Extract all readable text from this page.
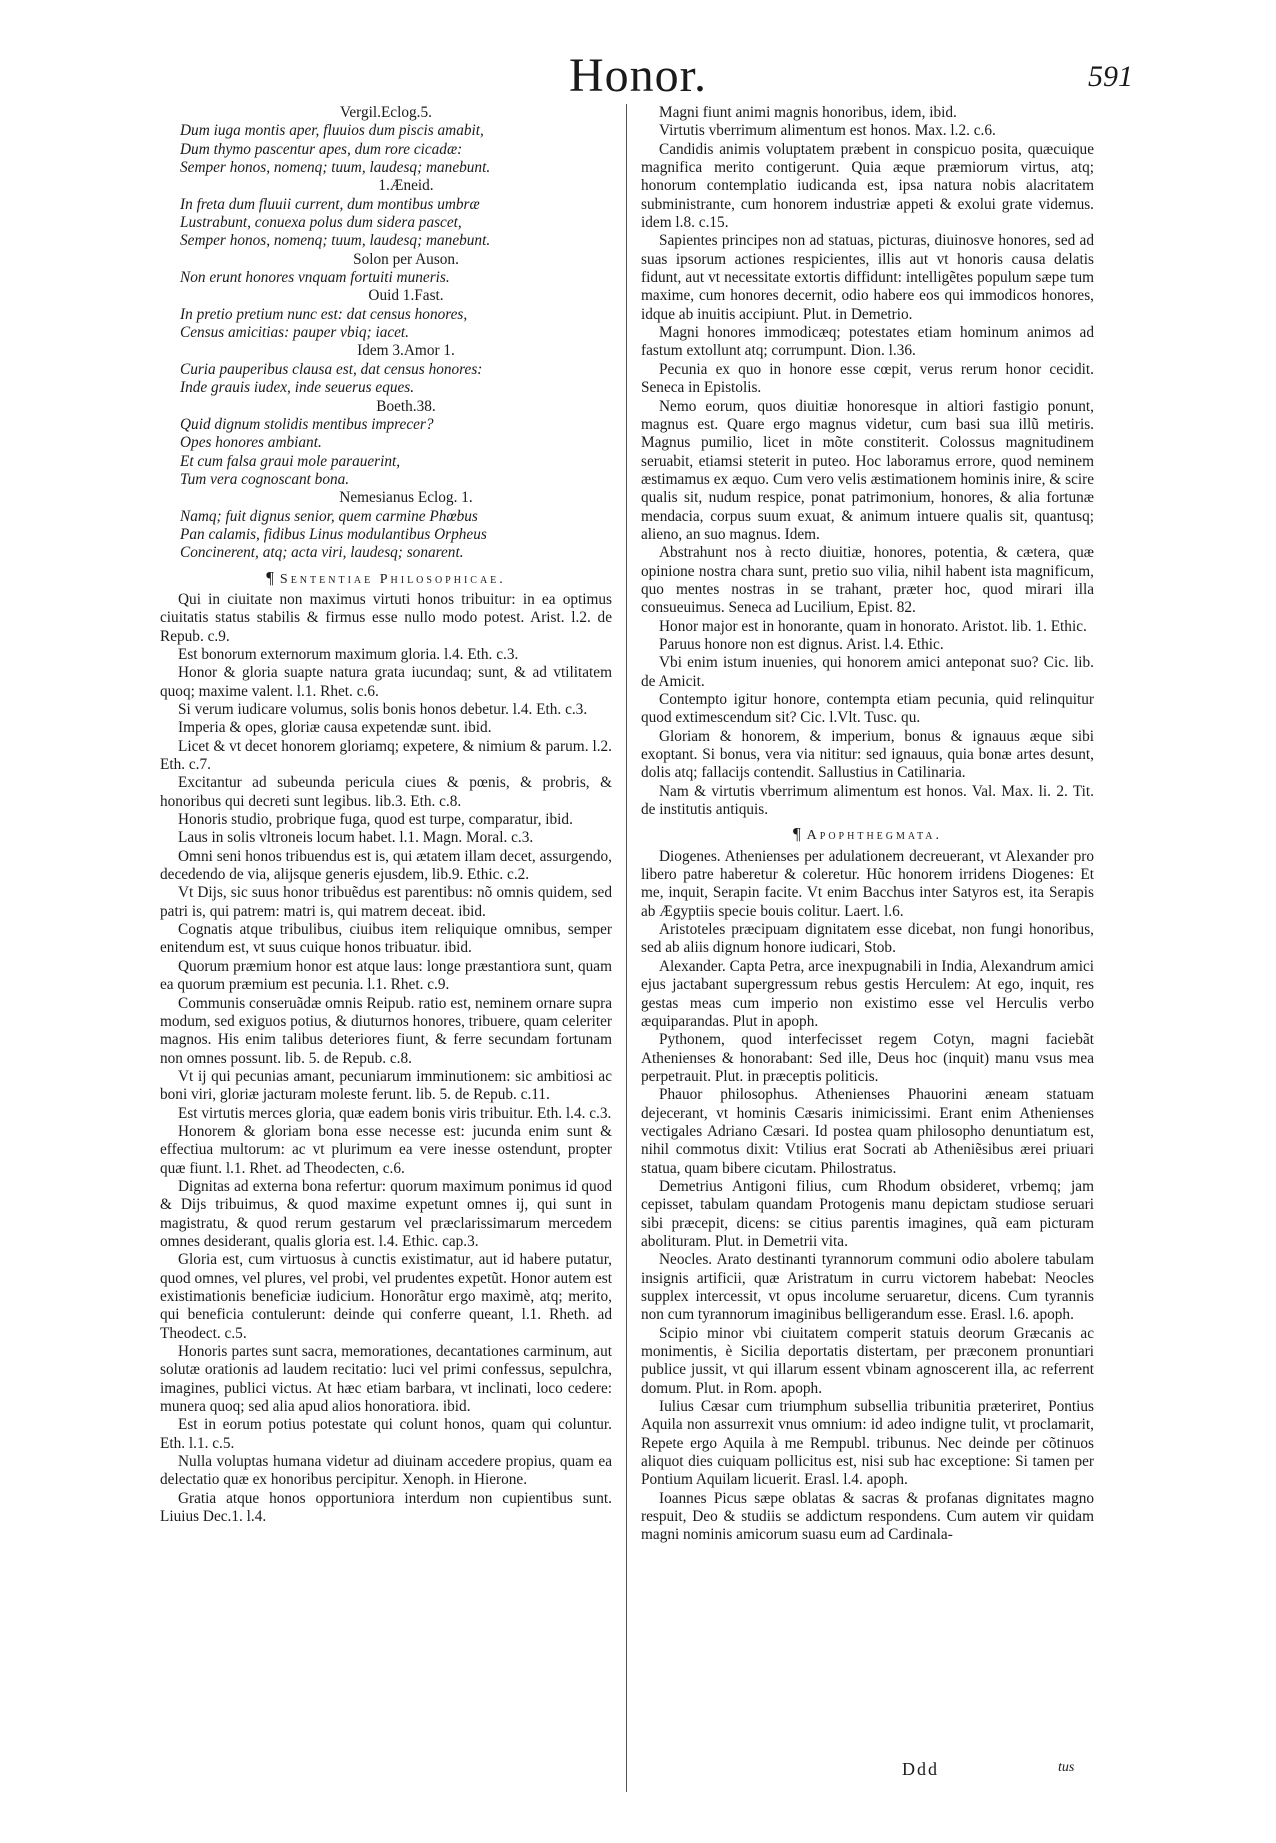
Honor.	591
Vergil.Eclog.5.
Dum iuga montis aper, fluuios dum piscis amabit,
Dum thymo pascentur apes, dum rore cicadæ:
Semper honos, nomenq; tuum, laudesq; manebunt.
1.Æneid.
In freta dum fluuii current, dum montibus umbræ
Lustrabunt, conuexa polus dum sidera pascet,
Semper honos, nomenq; tuum, laudesq; manebunt.
Solon per Auson.
Non erunt honores vnquam fortuiti muneris.
Ouid 1.Fast.
In pretio pretium nunc est: dat census honores,
Census amicitias: pauper vbiq; iacet.
Idem 3.Amor 1.
Curia pauperibus clausa est, dat census honores:
Inde grauis iudex, inde seuerus eques.
Boeth.38.
Quid dignum stolidis mentibus imprecer?
Opes honores ambiant.
Et cum falsa graui mole parauerint,
Tum vera cognoscant bona.
Nemesianus Eclog. 1.
Namq; fuit dignus senior, quem carmine Phœbus
Pan calamis, fidibus Linus modulantibus Orpheus
Concinerent, atq; acta viri, laudesq; sonarent.
¶ Sententiae Philosophicae.

Qui in ciuitate non maximus virtuti honos tribuitur: in ea optimus ciuitatis status stabilis & firmus esse nullo modo potest. Arist. l.2. de Repub. c.9.

Est bonorum externorum maximum gloria. l.4. Eth. c.3.

Honor & gloria suapte natura grata iucundaq; sunt, & ad vtilitatem quoq; maxime valent. l.1. Rhet. c.6.

Si verum iudicare volumus, solis bonis honos debetur. l.4. Eth. c.3.

Imperia & opes, gloriæ causa expetendæ sunt. ibid.

Licet & vt decet honorem gloriamq; expetere, & nimium & parum. l.2. Eth. c.7.

Excitantur ad subeunda pericula ciues & pœnis, & probris, & honoribus qui decreti sunt legibus. lib.3. Eth. c.8.

Honoris studio, probrique fuga, quod est turpe, comparatur, ibid.

Laus in solis vltroneis locum habet. l.1. Magn. Moral. c.3.

Omni seni honos tribuendus est is, qui ætatem illam decet, assurgendo, decedendo de via, alijsque generis ejusdem, lib.9. Ethic. c.2.

Vt Dijs, sic suus honor tribuẽdus est parentibus: nõ omnis quidem, sed patri is, qui patrem: matri is, qui matrem deceat. ibid.

Cognatis atque tribulibus, ciuibus item reliquique omnibus, semper enitendum est, vt suus cuique honos tribuatur. ibid.

Quorum præmium honor est atque laus: longe præstantiora sunt, quam ea quorum præmium est pecunia. l.1. Rhet. c.9.

Communis conseruãdæ omnis Reipub. ratio est, neminem ornare supra modum, sed exiguos potius, & diuturnos honores, tribuere, quam celeriter magnos. His enim talibus deteriores fiunt, & ferre secundam fortunam non omnes possunt. lib. 5. de Repub. c.8.

Vt ij qui pecunias amant, pecuniarum imminutionem: sic ambitiosi ac boni viri, gloriæ jacturam moleste ferunt. lib. 5. de Repub. c.11.

Est virtutis merces gloria, quæ eadem bonis viris tribuitur. Eth. l.4. c.3.

Honorem & gloriam bona esse necesse est: jucunda enim sunt & effectiua multorum: ac vt plurimum ea vere inesse ostendunt, propter quæ fiunt. l.1. Rhet. ad Theodecten, c.6.

Dignitas ad externa bona refertur: quorum maximum ponimus id quod & Dijs tribuimus, & quod maxime expetunt omnes ij, qui sunt in magistratu, & quod rerum gestarum vel præclarissimarum mercedem omnes desiderant, qualis gloria est. l.4. Ethic. cap.3.

Gloria est, cum virtuosus à cunctis existimatur, aut id habere putatur, quod omnes, vel plures, vel probi, vel prudentes expetũt. Honor autem est existimationis beneficiæ iudicium. Honorãtur ergo maximè, atq; merito, qui beneficia contulerunt: deinde qui conferre queant, l.1. Rheth. ad Theodect. c.5.

Honoris partes sunt sacra, memorationes, decantationes carminum, aut solutæ orationis ad laudem recitatio: luci vel primi confessus, sepulchra, imagines, publici victus. At hæc etiam barbara, vt inclinati, loco cedere: munera quoq; sed alia apud alios honoratiora. ibid.

Est in eorum potius potestate qui colunt honos, quam qui coluntur. Eth. l.1. c.5.

Nulla voluptas humana videtur ad diuinam accedere propius, quam ea delectatio quæ ex honoribus percipitur. Xenoph. in Hierone.

Gratia atque honos opportuniora interdum non cupientibus sunt. Liuius Dec.1. l.4.

Magni fiunt animi magnis honoribus, idem, ibid.

Virtutis vberrimum alimentum est honos. Max. l.2. c.6.

Candidis animis voluptatem præbent in conspicuo posita, quæcuique magnifica merito contigerunt. Quia æque præmiorum virtus, atq; honorum contemplatio iudicanda est, ipsa natura nobis alacritatem subministrante, cum honorem industriæ appeti & exolui grate videmus. idem l.8. c.15.

Sapientes principes non ad statuas, picturas, diuinosve honores, sed ad suas ipsorum actiones respicientes, illis aut vt honoris causa delatis fidunt, aut vt necessitate extortis diffidunt: intelligẽtes populum sæpe tum maxime, cum honores decernit, odio habere eos qui immodicos honores, idque ab inuitis accipiunt. Plut. in Demetrio.

Magni honores immodicæq; potestates etiam hominum animos ad fastum extollunt atq; corrumpunt. Dion. l.36.

Pecunia ex quo in honore esse cœpit, verus rerum honor cecidit. Seneca in Epistolis.

Nemo eorum, quos diuitiæ honoresque in altiori fastigio ponunt, magnus est. Quare ergo magnus videtur, cum basi sua illũ metiris. Magnus pumilio, licet in mõte constiterit. Colossus magnitudinem seruabit, etiamsi steterit in puteo. Hoc laboramus errore, quod neminem æstimamus ex æquo. Cum vero velis æstimationem hominis inire, & scire qualis sit, nudum respice, ponat patrimonium, honores, & alia fortunæ mendacia, corpus suum exuat, & animum intuere qualis sit, quantusq; alieno, an suo magnus. Idem.

Abstrahunt nos à recto diuitiæ, honores, potentia, & cætera, quæ opinione nostra chara sunt, pretio suo vilia, nihil habent ista magnificum, quo mentes nostras in se trahant, præter hoc, quod mirari illa consueuimus. Seneca ad Lucilium, Epist. 82.

Honor major est in honorante, quam in honorato. Aristot. lib. 1. Ethic.

Paruus honore non est dignus. Arist. l.4. Ethic.

Vbi enim istum inuenies, qui honorem amici anteponat suo? Cic. lib. de Amicit.

Contempto igitur honore, contempta etiam pecunia, quid relinquitur quod extimescendum sit? Cic. l.Vlt. Tusc. qu.

Gloriam & honorem, & imperium, bonus & ignauus æque sibi exoptant. Si bonus, vera via nititur: sed ignauus, quia bonæ artes desunt, dolis atq; fallacijs contendit. Sallustius in Catilinaria.

Nam & virtutis vberrimum alimentum est honos. Val. Max. li. 2. Tit. de institutis antiquis.

¶ Apophthegmata.

Diogenes. Athenienses per adulationem decreuerant, vt Alexander pro libero patre haberetur & coleretur. Hũc honorem irridens Diogenes: Et me, inquit, Serapin facite. Vt enim Bacchus inter Satyros est, ita Serapis ab Ægyptiis specie bouis colitur. Laert. l.6.

Aristoteles præcipuam dignitatem esse dicebat, non fungi honoribus, sed ab aliis dignum honore iudicari, Stob.

Alexander. Capta Petra, arce inexpugnabili in India, Alexandrum amici ejus jactabant supergressum rebus gestis Herculem: At ego, inquit, res gestas meas cum imperio non existimo esse vel Herculis verbo æquiparandas. Plut in apoph.

Pythonem, quod interfecisset regem Cotyn, magni faciebãt Athenienses & honorabant: Sed ille, Deus hoc (inquit) manu vsus mea perpetrauit. Plut. in præceptis politicis.

Phauor philosophus. Athenienses Phauorini æneam statuam dejecerant, vt hominis Cæsaris inimicissimi. Erant enim Athenienses vectigales Adriano Cæsari. Id postea quam philosopho denuntiatum est, nihil commotus dixit: Vtilius erat Socrati ab Atheniẽsibus ærei priuari statua, quam bibere cicutam. Philostratus.

Demetrius Antigoni filius, cum Rhodum obsideret, vrbemq; jam cepisset, tabulam quandam Protogenis manu depictam studiose seruari sibi præcepit, dicens: se citius parentis imagines, quã eam picturam abolituram. Plut. in Demetrii vita.

Neocles. Arato destinanti tyrannorum communi odio abolere tabulam insignis artificii, quæ Aristratum in curru victorem habebat: Neocles supplex intercessit, vt opus incolume seruaretur, dicens. Cum tyrannis non cum tyrannorum imaginibus belligerandum esse. Erasl. l.6. apoph.

Scipio minor vbi ciuitatem comperit statuis deorum Græcanis ac monimentis, è Sicilia deportatis distertam, per præconem pronuntiari publice jussit, vt qui illarum essent vbinam agnoscerent illa, ac referrent domum. Plut. in Rom. apoph.

Iulius Cæsar cum triumphum subsellia tribunitia præteriret, Pontius Aquila non assurrexit vnus omnium: id adeo indigne tulit, vt proclamarit, Repete ergo Aquila à me Rempubl. tribunus. Nec deinde per cõtinuos aliquot dies cuiquam pollicitus est, nisi sub hac exceptione: Si tamen per Pontium Aquilam licuerit. Erasl. l.4. apoph.

Ioannes Picus sæpe oblatas & sacras & profanas dignitates magno respuit, Deo & studiis se addictum respondens. Cum autem vir quidam magni nominis amicorum suasu eum ad Cardinala-

Ddd	tus
